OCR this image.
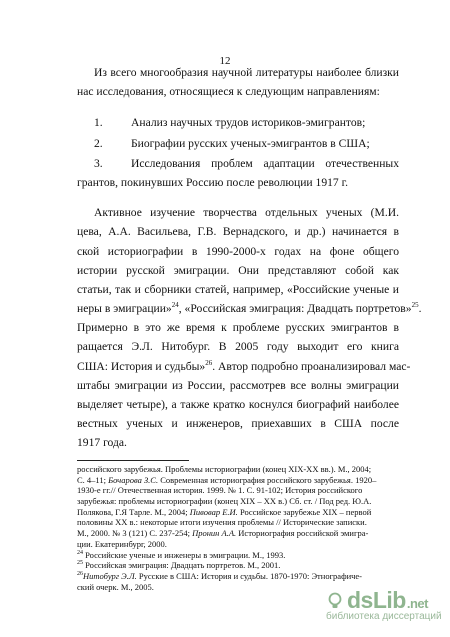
12
Из всего многообразия научной литературы наиболее близки
нас исследования, относящиеся к следующим направлениям:
1.	Анализ научных трудов историков-эмигрантов;
2.	Биографии русских ученых-эмигрантов в США;
3.	Исследования проблем адаптации отечественных
грантов, покинувших Россию после революции 1917 г.
Активное изучение творчества отдельных ученых (М.И.
цева, А.А. Васильева, Г.В. Вернадского, и др.) начинается в
ской историографии в 1990-2000-х годах на фоне общего
истории русской эмиграции. Они представляют собой как
статьи, так и сборники статей, например, «Российские ученые и
неры в эмиграции»$^{24}$, «Российская эмиграция: Двадцать портретов»$^{25}$.
Примерно в это же время к проблеме русских эмигрантов в
ращается Э.Л. Нитобург. В 2005 году выходит его книга
США: История и судьбы»$^{26}$. Автор подробно проанализировал мас-
штабы эмиграции из России, рассмотрев все волны эмиграции
выделяет четыре), а также кратко коснулся биографий наиболее
вестных ученых и инженеров, приехавших в США после
1917 года.
российского зарубежья. Проблемы историографии (конец XIX-XX вв.). М., 2004;
С. 4–11; Бочарова З.С. Современная историография российского зарубежья. 1920–
1930-е гг.// Отечественная история. 1999. № 1. С. 91-102; История российского
зарубежья: проблемы историографии (конец XIX – XX в.) Сб. ст. / Под ред. Ю.А.
Полякова, Г.Я Тарле. М., 2004; Пивовар Е.И. Российское зарубежье XIX – первой
половины XX в.: некоторые итоги изучения проблемы // Исторические записки.
М., 2000. № 3 (121) С. 237-254; Пронин А.А. Историография российской эмигра-
ции. Екатеринбург, 2000.
$^{24}$ Российские ученые и инженеры в эмиграции. М., 1993.
$^{25}$ Российская эмиграция: Двадцать портретов. М., 2001.
$^{26}$Нитобург Э.Л. Русские в США: История и судьбы. 1870-1970: Этнографиче-
ский очерк. М., 2005.
dsLib.net
библиотека диссертаций
